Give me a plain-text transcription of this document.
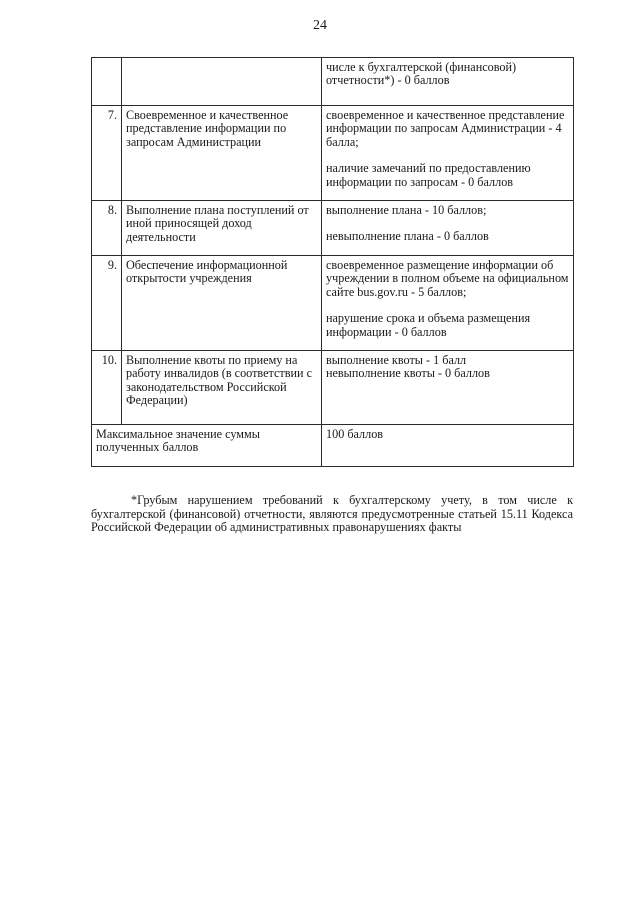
24

		числе к бухгалтерской (финансовой) отчетности*) - 0 баллов

7.	Своевременное и качественное представление информации по запросам Администрации	своевременное и качественное представление информации по запросам Администрации - 4 балла;
наличие замечаний по предоставлению информации по запросам - 0 баллов

8.	Выполнение плана поступлений от иной приносящей доход деятельности	выполнение плана - 10 баллов;
невыполнение плана - 0 баллов

9.	Обеспечение информационной открытости учреждения	своевременное размещение информации об учреждении в полном объеме на официальном сайте bus.gov.ru - 5 баллов;
нарушение срока и объема размещения информации - 0 баллов

10.	Выполнение квоты по приему на работу инвалидов (в соответствии с законодательством Российской Федерации)	выполнение квоты - 1 балл
невыполнение квоты - 0 баллов

Максимальное значение суммы полученных баллов		100 баллов

*Грубым нарушением требований к бухгалтерскому учету, в том числе к бухгалтерской (финансовой) отчетности, являются предусмотренные статьей 15.11 Кодекса Российской Федерации об административных правонарушениях факты
